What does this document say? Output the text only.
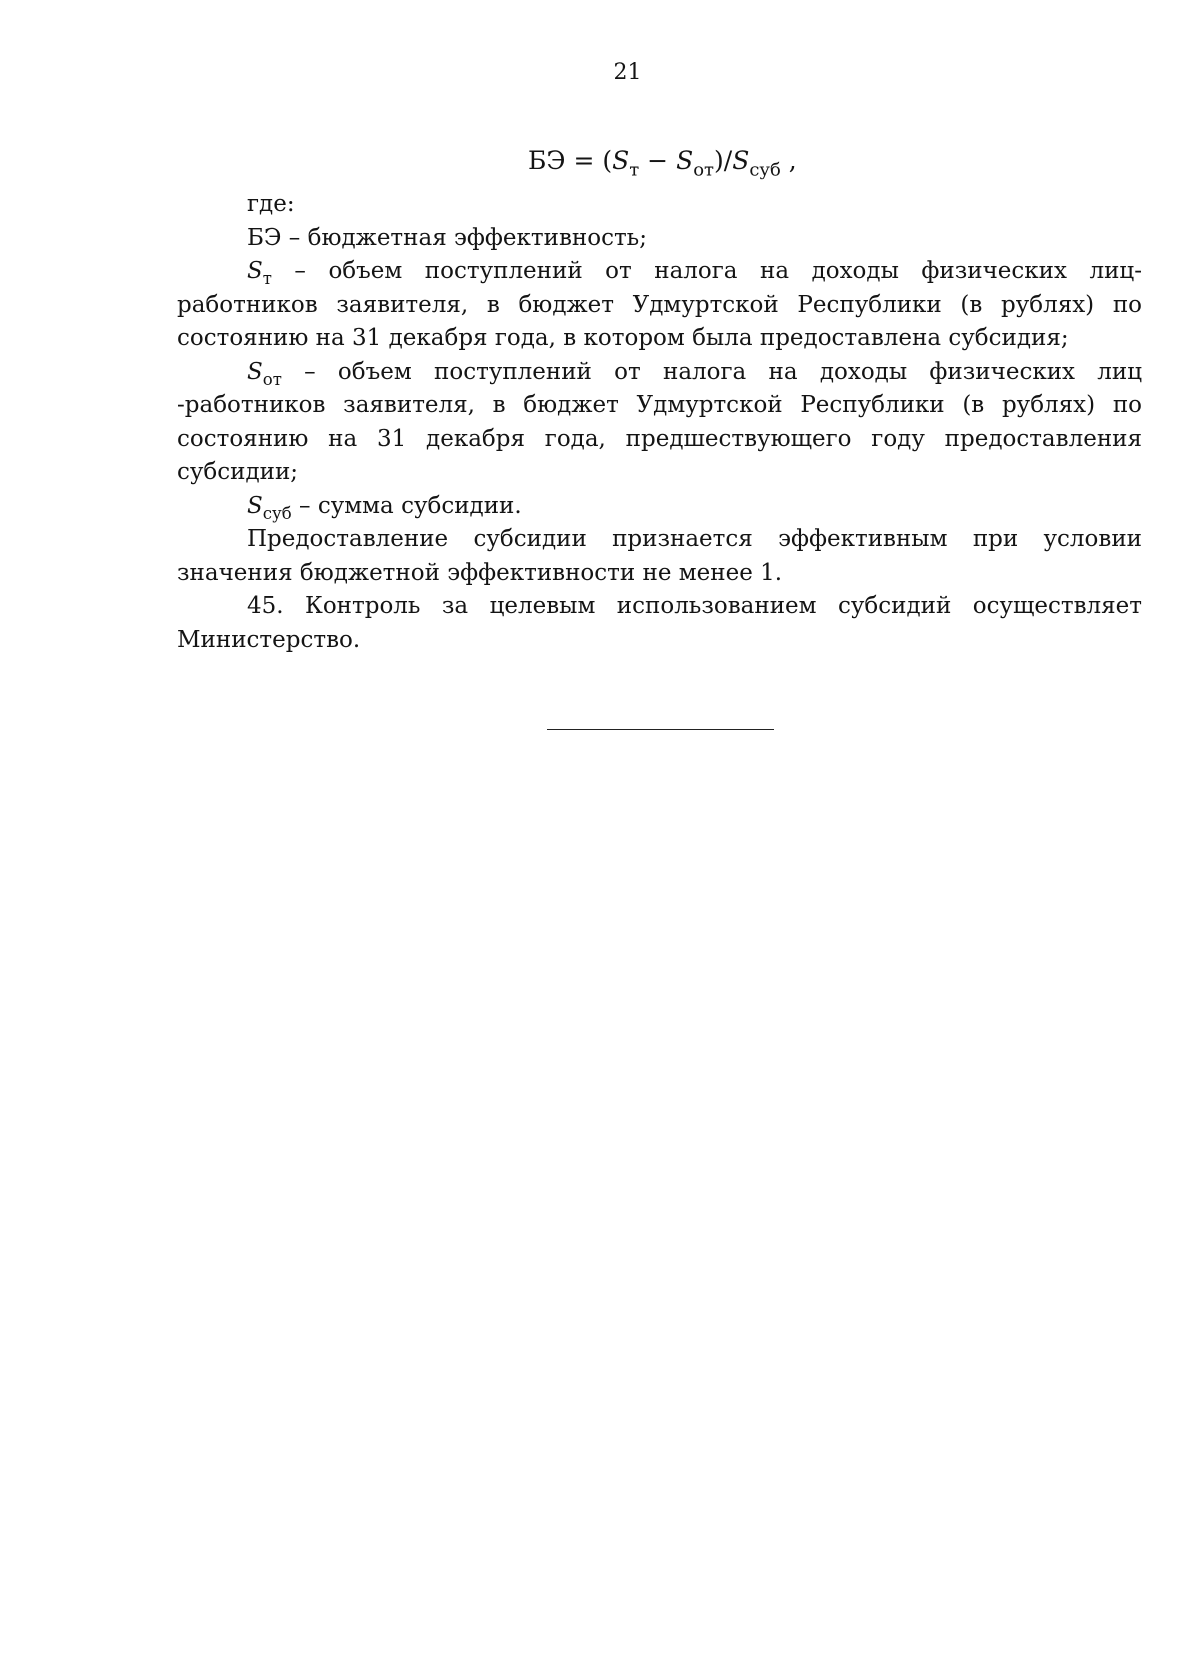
21
БЭ = $(S_т - S_{от})/S_{суб}$ ,

где:

БЭ – бюджетная эффективность;

$S_т$ – объем поступлений от налога на доходы физических лиц- работников заявителя, в бюджет Удмуртской Республики (в рублях) по состоянию на 31 декабря года, в котором была предоставлена субсидия;

$S_{от}$ – объем поступлений от налога на доходы физических лиц -работников заявителя, в бюджет Удмуртской Республики (в рублях) по состоянию на 31 декабря года, предшествующего году предоставления субсидии;

$S_{суб}$ – сумма субсидии.

Предоставление субсидии признается эффективным при условии значения бюджетной эффективности не менее 1.

45. Контроль за целевым использованием субсидий осуществляет Министерство.
